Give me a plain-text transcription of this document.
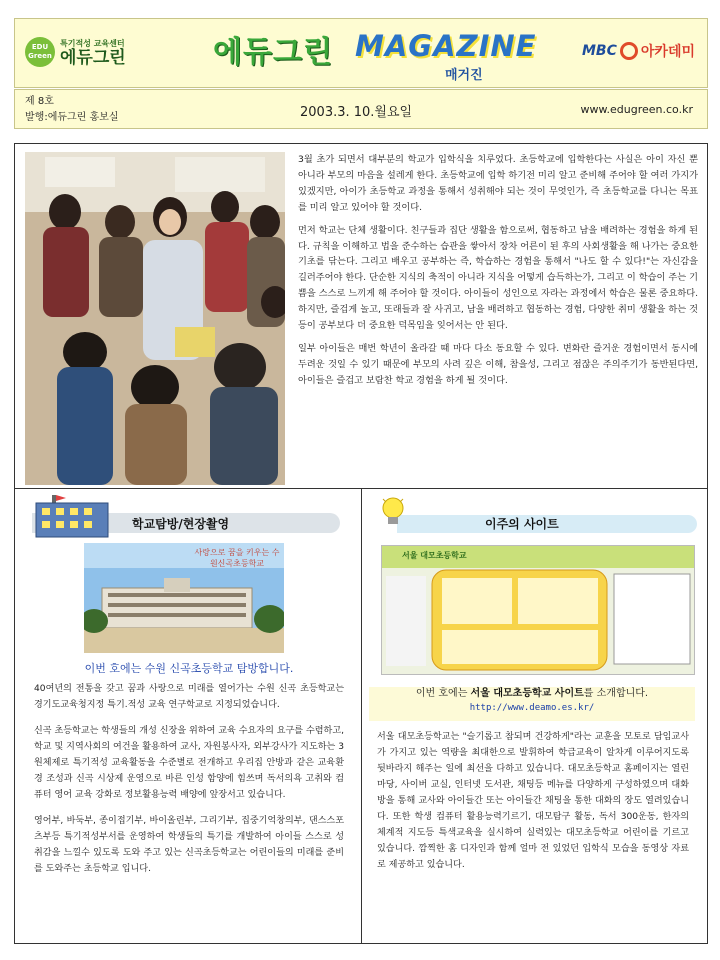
EDU Green
특기적성 교육센터
에듀그린	에듀그린 MAGAZINE
매거진
MBC 아카데미
제 8호
발행:에듀그린 홍보실	2003.3. 10.월요일	www.edugreen.co.kr

3월 초가 되면서 대부분의 학교가 입학식을 치루었다. 초등학교에 입학한다는 사실은 아이 자신 뿐 아니라 부모의 마음을 설레게 한다. 초등학교에 입학 하기전 미리 알고 준비해 주어야 할 여러 가지가 있겠지만, 아이가 초등학교 과정을 통해서 성취해야 되는 것이 무엇인가, 즉 초등학교를 다니는 목표를 미리 알고 있어야 할 것이다.

먼저 학교는 단체 생활이다. 친구들과 집단 생활을 함으로써, 협동하고 남을 배려하는 경험을 하게 된다. 규칙을 이해하고 법을 준수하는 습관을 쌓아서 장차 어른이 된 후의 사회생활을 해 나가는 중요한 기초를 닦는다. 그리고 배우고 공부하는 즉, 학습하는 경험을 통해서 "나도 할 수 있다!"는 자신감을 길러주어야 한다. 단순한 지식의 축적이 아니라 지식을 어떻게 습득하는가, 그리고 이 학습이 주는 기쁨을 스스로 느끼게 해 주어야 할 것이다. 아이들이 성인으로 자라는 과정에서 학습은 물론 중요하다. 하지만, 즐겁게 놀고, 또래들과 잘 사귀고, 남을 배려하고 협동하는 경험, 다양한 취미 생활을 하는 것 등이 공부보다 더 중요한 덕목임을 잊어서는 안 된다.

일부 아이들은 매번 학년이 올라갈 때 마다 다소 동요할 수 있다. 변화란 즐거운 경험이면서 동시에 두려운 것일 수 있기 때문에 부모의 사려 깊은 이해, 참을성, 그리고 점잖은 주의주기가 동반된다면, 아이들은 즐겁고 보람찬 학교 경험을 하게 될 것이다.

학교탐방/현장촬영
사랑으로 꿈을 키우는 수원신곡초등학교
이번 호에는 수원 신곡초등학교 탐방합니다.

40여년의 전통을 갖고 꿈과 사랑으로 미래를 열어가는 수원 신곡 초등학교는 경기도교육청지정 특기.적성 교육 연구학교로 지정되었습니다.

신곡 초등학교는 학생들의 개성 신장을 위하여 교육 수요자의 요구를 수렴하고, 학교 및 지역사회의 여건을 활용하여 교사, 자원봉사자, 외부강사가 지도하는 3원체제로 특기적성 교육활동을 수준별로 전개하고 우리집 안방과 같은 교육환경 조성과 신곡 시상제 운영으로 바른 인성 함양에 힘쓰며 독서의욕 고취와 컴퓨터 영어 교육 강화로 정보활용능력 배양에 앞장서고 있습니다.

영어부, 바둑부, 종이접기부, 바이올린부, 그리기부, 집중기억창의부, 댄스스포츠부등 특기적성부서를 운영하여 학생들의 특기를 개발하여 아이들 스스로 성취감을 느낄수 있도록 도와 주고 있는 신곡초등학교는 어린이들의 미래를 준비를 도와주는 초등학교 입니다.

이주의 사이트
서울 대모초등학교
이번 호에는 서울 대모초등학교 사이트를 소개합니다.
http://www.deamo.es.kr/
서울 대모초등학교는 "슬기롭고 참되며 건강하게"라는 교훈을 모토로 담임교사가 가지고 있는 역량을 최대한으로 발휘하여 학급교육이 알차게 이루어지도록 뒷바라지 해주는 일에 최선을 다하고 있습니다. 대모초등학교 홈페이지는 열린마당, 사이버 교실, 인터넷 도서관, 채팅등 메뉴를 다양하게 구성하였으며 대화방을 통해 교사와 아이들간 또는 아이들간 채팅을 통한 대화의 장도 열려있습니다. 또한 학생 컴퓨터 활용능력기르기, 대모탐구 활동, 독서 300운동, 한자의 체계적 지도등 특색교육을 실시하여 실력있는 대모초등학교 어린이를 기르고 있습니다. 깜찍한 홈 디자인과 함께 얼마 전 있었던 입학식 모습을 동영상 자료로 제공하고 있습니다.
